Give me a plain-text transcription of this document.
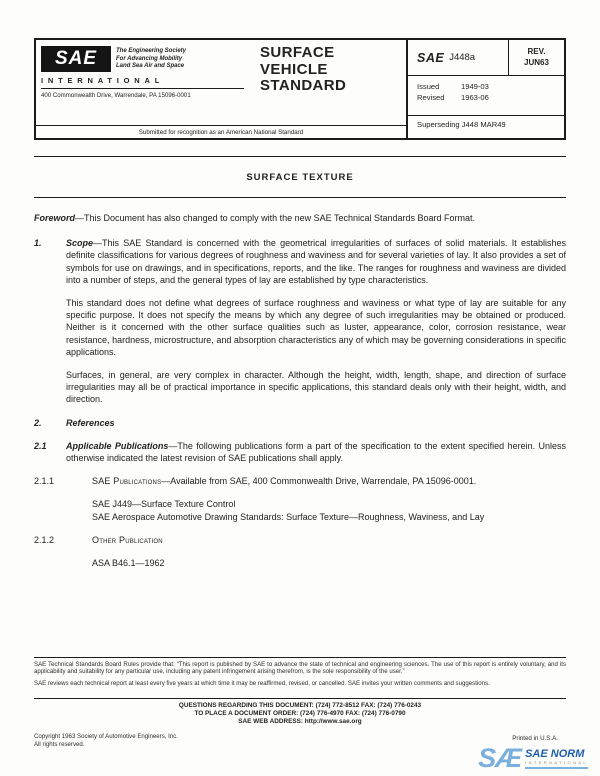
SAE	The Engineering Society
For Advancing Mobility
Land Sea Air and Space
INTERNATIONAL
400 Commonwealth Drive, Warrendale, PA 15096-0001
SURFACE
VEHICLE
STANDARD
Submitted for recognition as an American National Standard
SAE J448a
REV.
JUN63
Issued	1949-03
Revised	1963-06
Superseding J448 MAR49
SURFACE TEXTURE

Foreword—This Document has also changed to comply with the new SAE Technical Standards Board Format.

1.	Scope—This SAE Standard is concerned with the geometrical irregularities of surfaces of solid materials. It establishes definite classifications for various degrees of roughness and waviness and for several varieties of lay. It also provides a set of symbols for use on drawings, and in specifications, reports, and the like. The ranges for roughness and waviness are divided into a number of steps, and the general types of lay are established by type characteristics.

This standard does not define what degrees of surface roughness and waviness or what type of lay are suitable for any specific purpose. It does not specify the means by which any degree of such irregularities may be obtained or produced. Neither is it concerned with the other surface qualities such as luster, appearance, color, corrosion resistance, wear resistance, hardness, microstructure, and absorption characteristics any of which may be governing considerations in specific applications.

Surfaces, in general, are very complex in character. Although the height, width, length, shape, and direction of surface irregularities may all be of practical importance in specific applications, this standard deals only with their height, width, and direction.

2.	References

2.1	Applicable Publications—The following publications form a part of the specification to the extent specified herein. Unless otherwise indicated the latest revision of SAE publications shall apply.

2.1.1	SAE Publications—Available from SAE, 400 Commonwealth Drive, Warrendale, PA 15096-0001.

SAE J449—Surface Texture Control

SAE Aerospace Automotive Drawing Standards: Surface Texture—Roughness, Waviness, and Lay

2.1.2	Other Publication

ASA B46.1—1962

SAE Technical Standards Board Rules provide that: “This report is published by SAE to advance the state of technical and engineering sciences. The use of this report is entirely voluntary, and its applicability and suitability for any particular use, including any patent infringement arising therefrom, is the sole responsibility of the user.”

SAE reviews each technical report at least every five years at which time it may be reaffirmed, revised, or cancelled. SAE invites your written comments and suggestions.

QUESTIONS REGARDING THIS DOCUMENT: (724) 772-8512 FAX: (724) 776-0243
TO PLACE A DOCUMENT ORDER: (724) 776-4970 FAX: (724) 776-0790
SAE WEB ADDRESS: http://www.sae.org
Copyright 1963 Society of Automotive Engineers, Inc.
All rights reserved.
Printed in U.S.A.
SÆ SAE NORM
INTERNATIONAL
